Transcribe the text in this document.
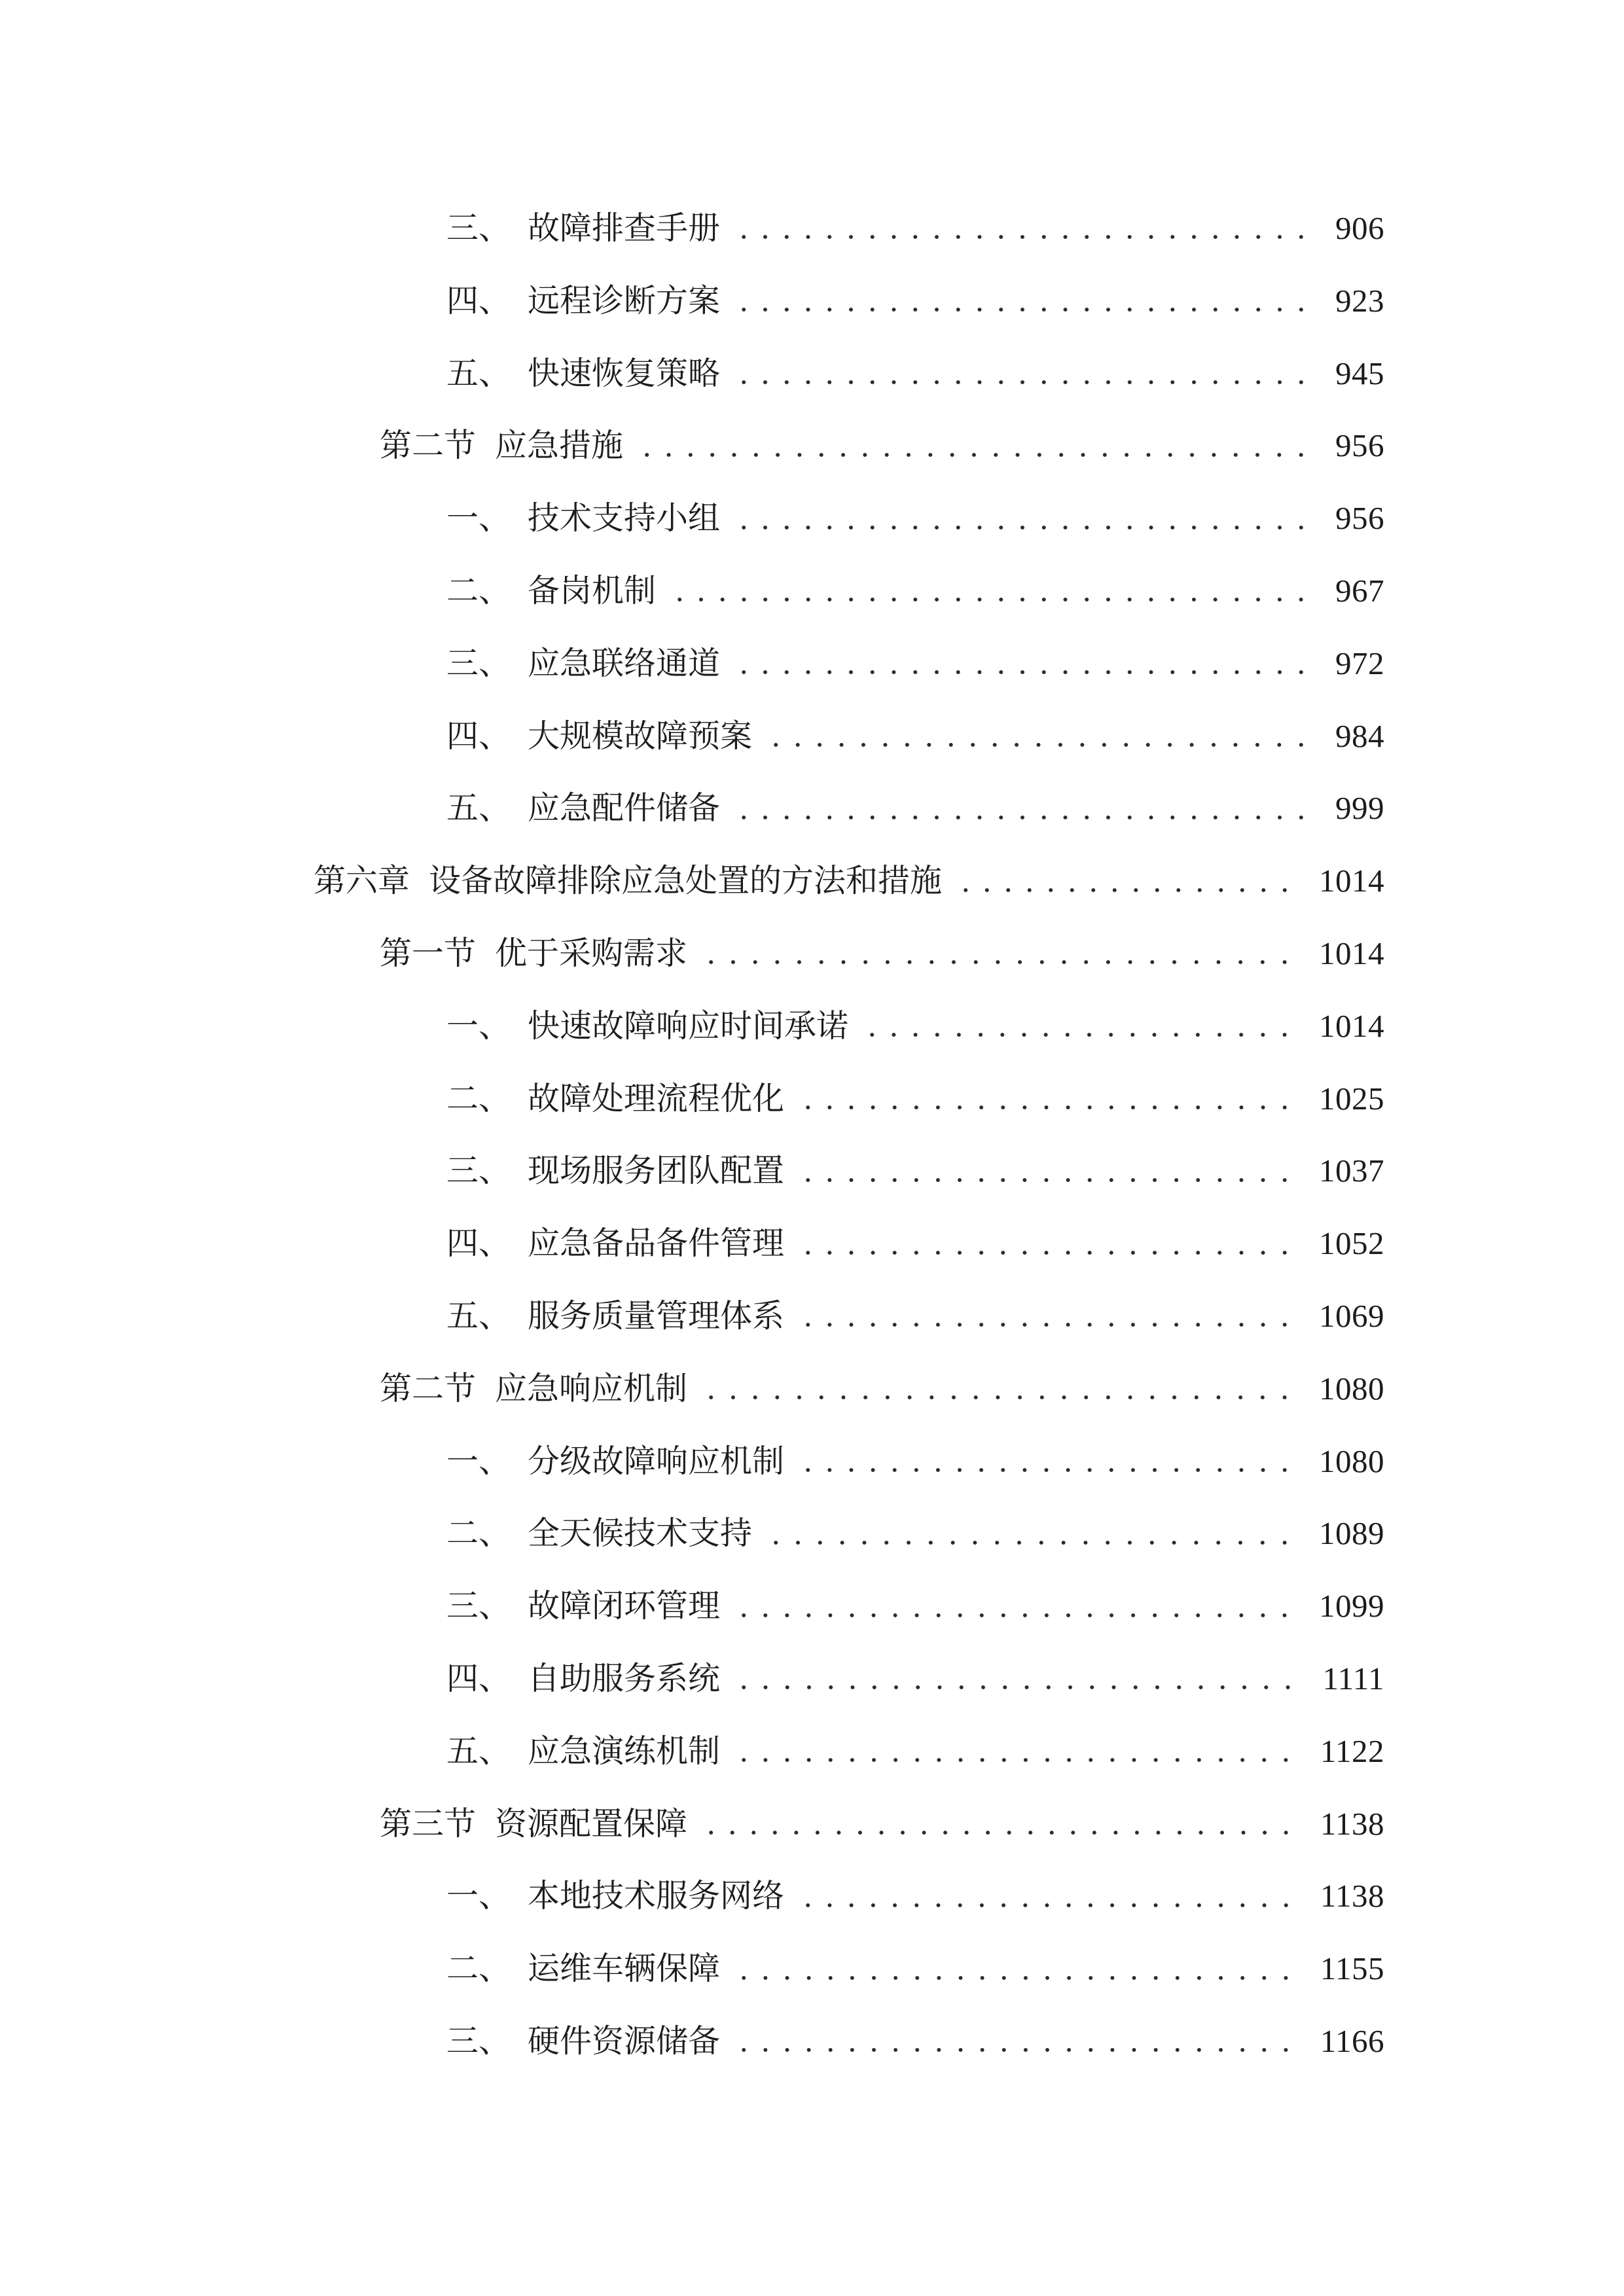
三、 故障排查手册	906
四、 远程诊断方案	923
五、 快速恢复策略	945
第二节 应急措施	956
一、 技术支持小组	956
二、 备岗机制	967
三、 应急联络通道	972
四、 大规模故障预案	984
五、 应急配件储备	999
第六章 设备故障排除应急处置的方法和措施	1014
第一节 优于采购需求	1014
一、 快速故障响应时间承诺	1014
二、 故障处理流程优化	1025
三、 现场服务团队配置	1037
四、 应急备品备件管理	1052
五、 服务质量管理体系	1069
第二节 应急响应机制	1080
一、 分级故障响应机制	1080
二、 全天候技术支持	1089
三、 故障闭环管理	1099
四、 自助服务系统	1111
五、 应急演练机制	1122
第三节 资源配置保障	1138
一、 本地技术服务网络	1138
二、 运维车辆保障	1155
三、 硬件资源储备	1166
